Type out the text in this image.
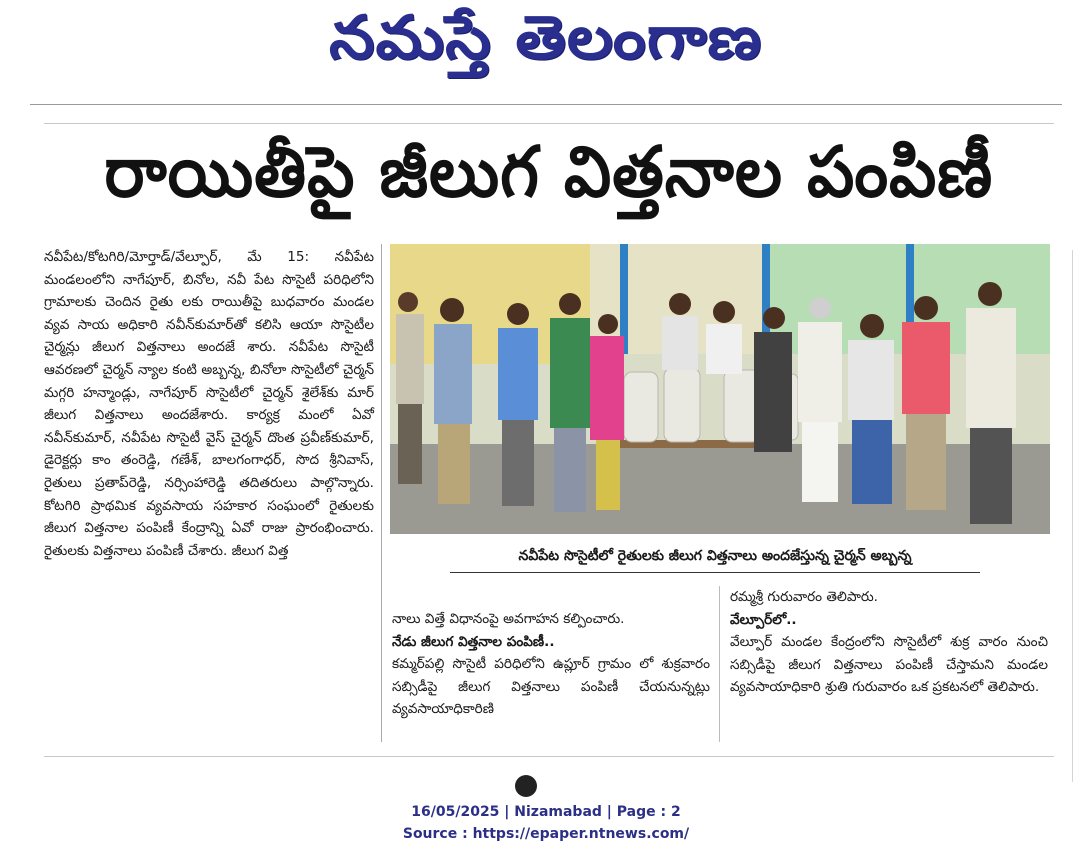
నమస్తే తెలంగాణ
రాయితీపై జీలుగ విత్తనాల పంపిణీ

నవీపేట/కోటగిరి/మోర్తాడ్/వేల్పూర్, మే 15: నవీపేట మండలంలోని నాగేపూర్, బినోల, నవీ పేట సొసైటీ పరిధిలోని గ్రామాలకు చెందిన రైతు లకు రాయితీపై బుధవారం మండల వ్యవ సాయ అధికారి నవీన్‌కుమార్‌తో కలిసి ఆయా సొసైటీల చైర్మన్లు జీలుగ విత్తనాలు అందజే శారు. నవీపేట సొసైటీ ఆవరణలో చైర్మన్ న్యాల కంటి అబ్బన్న, బినోలా సొసైటీలో చైర్మన్ మగ్గరి హన్మాండ్లు, నాగేపూర్ సొసైటీలో చైర్మన్ శైలేశ్‌కు మార్ జీలుగ విత్తనాలు అందజేశారు. కార్యక్ర మంలో ఏవో నవీన్‌కుమార్, నవీపేట సొసైటీ వైస్ చైర్మన్ దొంత ప్రవీణ్‌కుమార్, డైరెక్టర్లు కాం తంరెడ్డి, గణేశ్, బాలగంగాధర్, సొద శ్రీనివాస్, రైతులు ప్రతాప్‌రెడ్డి, నర్సింహారెడ్డి తదితరులు పాల్గొన్నారు. కోటగిరి ప్రాథమిక వ్యవసాయ సహకార సంఘంలో రైతులకు జీలుగ విత్తనాల పంపిణీ కేంద్రాన్ని ఏవో రాజు ప్రారంభించారు. రైతులకు విత్తనాలు పంపిణీ చేశారు. జీలుగ విత్త	నవీపేట సొసైటీలో రైతులకు జీలుగ విత్తనాలు అందజేస్తున్న చైర్మన్ అబ్బన్న

నాలు విత్తే విధానంపై అవగాహన కల్పించారు.

నేడు జీలుగ విత్తనాల పంపిణీ..

కమ్మర్‌పల్లి సొసైటీ పరిధిలోని ఉప్లూర్ గ్రామం లో శుక్రవారం సబ్సిడీపై జీలుగ విత్తనాలు పంపిణీ చేయనున్నట్లు వ్యవసాయాధికారిణి

రమ్మశ్రీ గురువారం తెలిపారు.

వేల్పూర్‌లో..

వేల్పూర్ మండల కేంద్రంలోని సొసైటీలో శుక్ర వారం నుంచి సబ్సిడీపై జీలుగ విత్తనాలు పంపిణీ చేస్తామని మండల వ్యవసాయాధికారి శ్రుతి గురువారం ఒక ప్రకటనలో తెలిపారు.

16/05/2025 | Nizamabad | Page : 2
Source : https://epaper.ntnews.com/
